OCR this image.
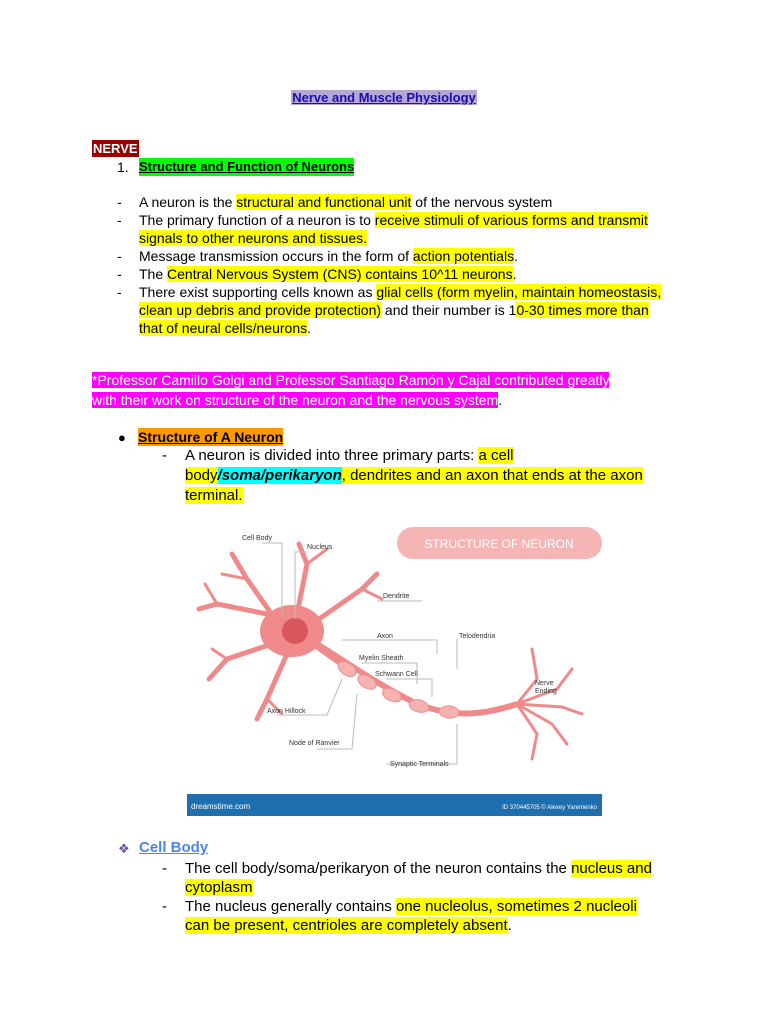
Nerve and Muscle Physiology
NERVE
1. Structure and Function of Neurons
- A neuron is the structural and functional unit of the nervous system
- The primary function of a neuron is to receive stimuli of various forms and transmit
signals to other neurons and tissues.
- Message transmission occurs in the form of action potentials.
- The Central Nervous System (CNS) contains 10^11 neurons.
- There exist supporting cells known as glial cells (form myelin, maintain homeostasis,
clean up debris and provide protection) and their number is 10-30 times more than
that of neural cells/neurons.
*Professor Camillo Golgi and Professor Santiago Ramón y Cajal contributed greatly
with their work on structure of the neuron and the nervous system.
● Structure of A Neuron
- A neuron is divided into three primary parts: a cell
body/soma/perikaryon, dendrites and an axon that ends at the axon
terminal.
STRUCTURE OF NEURON
Cell Body
Nucleus
Dendrite
Axon	Telodendria
Myelin Sheath
Schwann Cell
Axon Hillock
Nerve
Ending
Node of Ranvier
Synaptic Terminals
dreamstime.com	ID 370445705 © Alexey Yaremenko
❖ Cell Body
- The cell body/soma/perikaryon of the neuron contains the nucleus and
cytoplasm
- The nucleus generally contains one nucleolus, sometimes 2 nucleoli
can be present, centrioles are completely absent.
